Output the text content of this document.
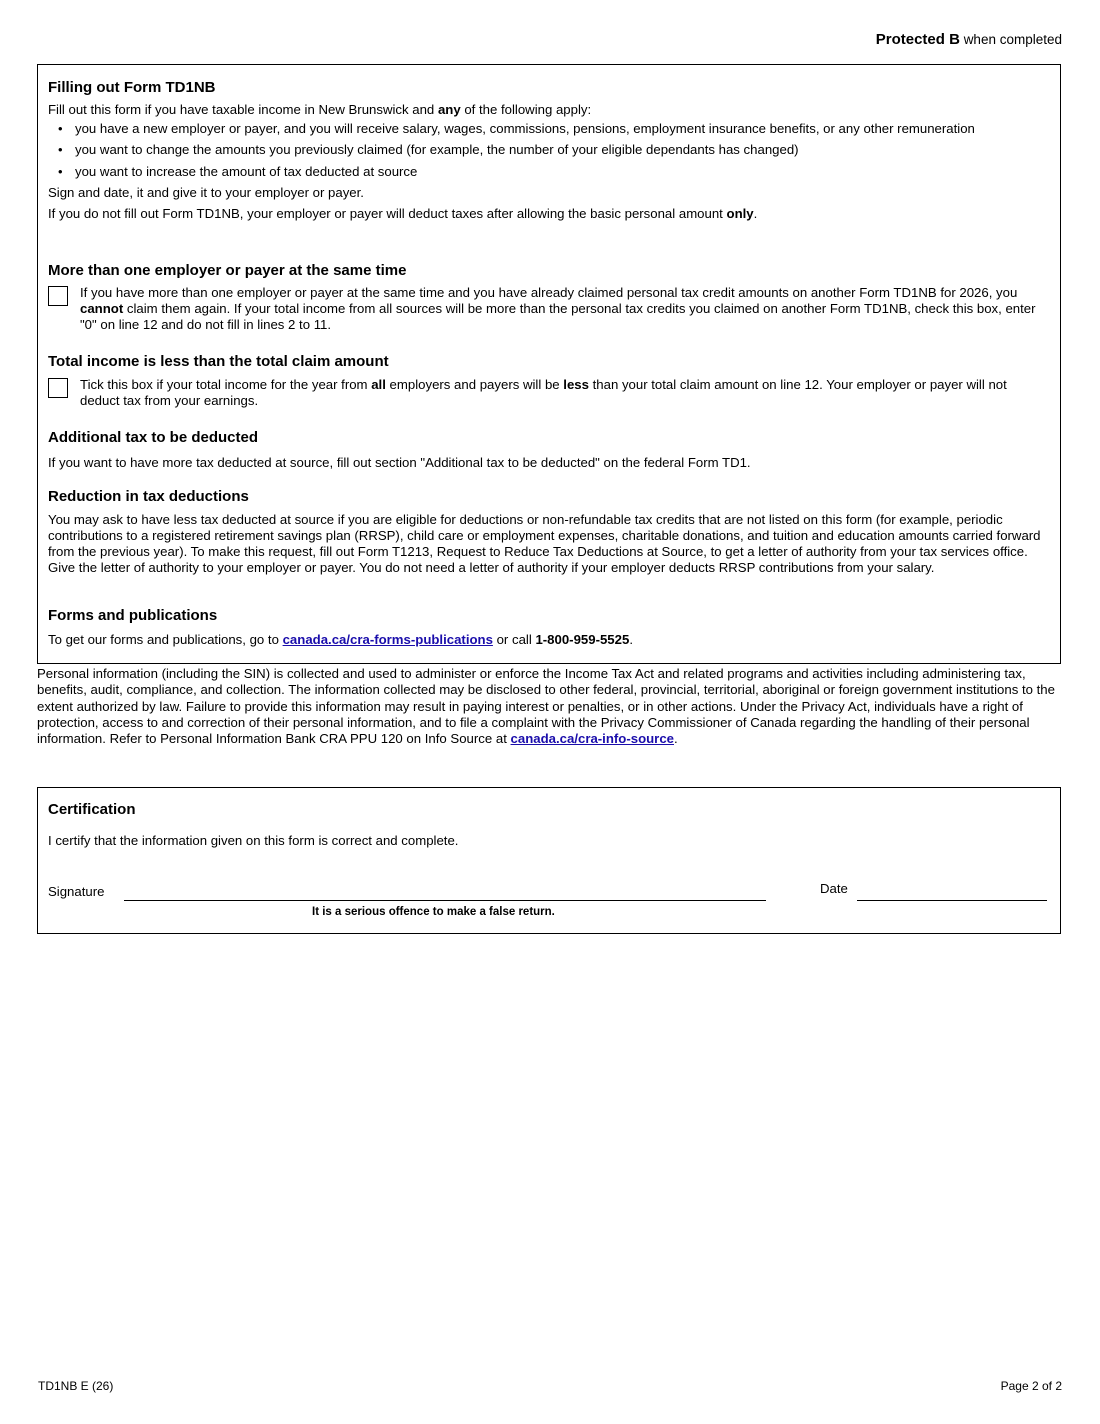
Protected B when completed
Filling out Form TD1NB

Fill out this form if you have taxable income in New Brunswick and any of the following apply:

• you have a new employer or payer, and you will receive salary, wages, commissions, pensions, employment insurance benefits, or any other remuneration
• you want to change the amounts you previously claimed (for example, the number of your eligible dependants has changed)
• you want to increase the amount of tax deducted at source

Sign and date, it and give it to your employer or payer.

If you do not fill out Form TD1NB, your employer or payer will deduct taxes after allowing the basic personal amount only.

More than one employer or payer at the same time

If you have more than one employer or payer at the same time and you have already claimed personal tax credit amounts on another Form TD1NB for 2026, you cannot claim them again. If your total income from all sources will be more than the personal tax credits you claimed on another Form TD1NB, check this box, enter "0" on line 12 and do not fill in lines 2 to 11.

Total income is less than the total claim amount

Tick this box if your total income for the year from all employers and payers will be less than your total claim amount on line 12. Your employer or payer will not deduct tax from your earnings.

Additional tax to be deducted

If you want to have more tax deducted at source, fill out section "Additional tax to be deducted" on the federal Form TD1.

Reduction in tax deductions

You may ask to have less tax deducted at source if you are eligible for deductions or non-refundable tax credits that are not listed on this form (for example, periodic contributions to a registered retirement savings plan (RRSP), child care or employment expenses, charitable donations, and tuition and education amounts carried forward from the previous year). To make this request, fill out Form T1213, Request to Reduce Tax Deductions at Source, to get a letter of authority from your tax services office. Give the letter of authority to your employer or payer. You do not need a letter of authority if your employer deducts RRSP contributions from your salary.

Forms and publications

To get our forms and publications, go to canada.ca/cra-forms-publications or call 1-800-959-5525.

Personal information (including the SIN) is collected and used to administer or enforce the Income Tax Act and related programs and activities including administering tax, benefits, audit, compliance, and collection. The information collected may be disclosed to other federal, provincial, territorial, aboriginal or foreign government institutions to the extent authorized by law. Failure to provide this information may result in paying interest or penalties, or in other actions. Under the Privacy Act, individuals have a right of protection, access to and correction of their personal information, and to file a complaint with the Privacy Commissioner of Canada regarding the handling of their personal information. Refer to Personal Information Bank CRA PPU 120 on Info Source at canada.ca/cra-info-source.
Certification

I certify that the information given on this form is correct and complete.

Signature	Date
It is a serious offence to make a false return.
TD1NB E (26)	Page 2 of 2
